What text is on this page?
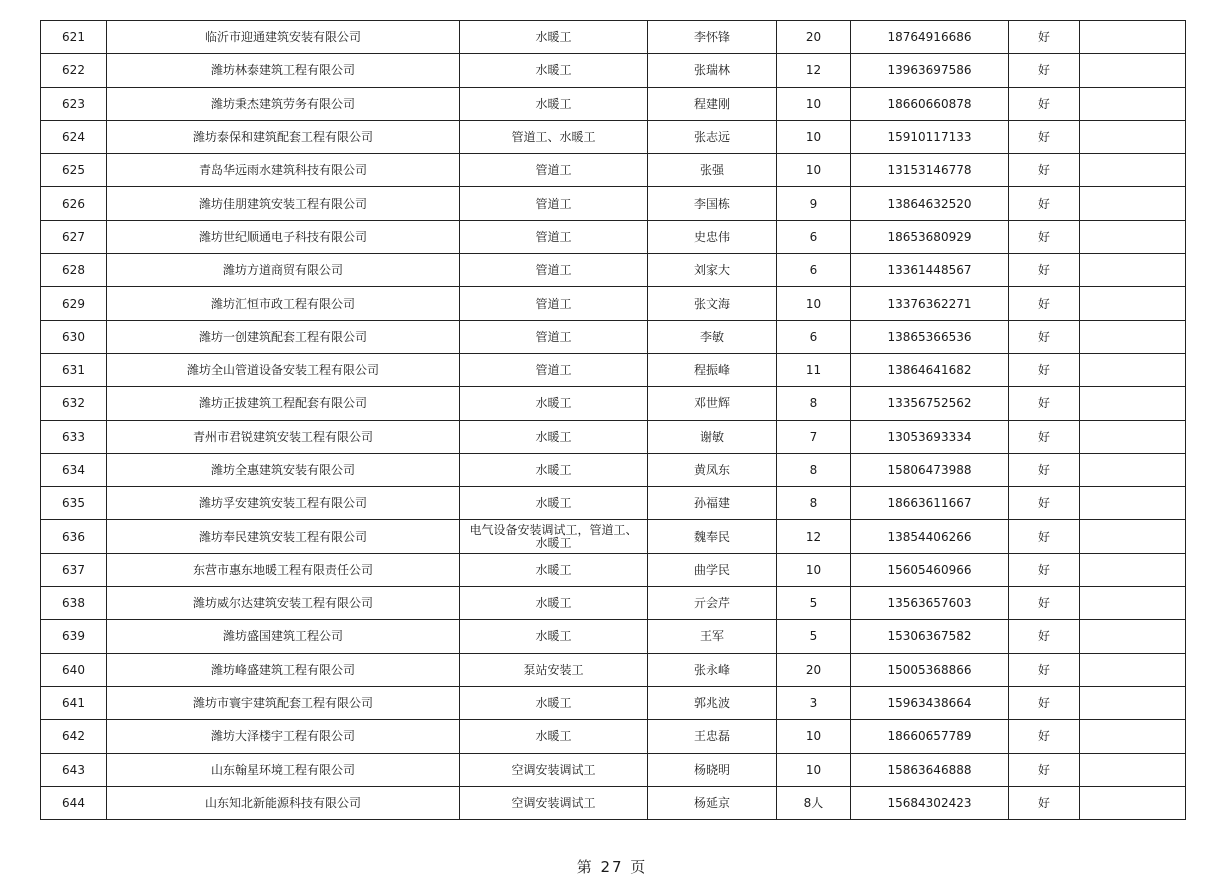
621	临沂市迎通建筑安装有限公司	水暖工	李怀锋	20	18764916686	好	
622	潍坊林泰建筑工程有限公司	水暖工	张瑞林	12	13963697586	好	
623	潍坊秉杰建筑劳务有限公司	水暖工	程建刚	10	18660660878	好	
624	潍坊泰保和建筑配套工程有限公司	管道工、水暖工	张志远	10	15910117133	好	
625	青岛华远雨水建筑科技有限公司	管道工	张强	10	13153146778	好	
626	潍坊佳朋建筑安装工程有限公司	管道工	李国栋	9	13864632520	好	
627	潍坊世纪顺通电子科技有限公司	管道工	史忠伟	6	18653680929	好	
628	潍坊方道商贸有限公司	管道工	刘家大	6	13361448567	好	
629	潍坊汇恒市政工程有限公司	管道工	张文海	10	13376362271	好	
630	潍坊一创建筑配套工程有限公司	管道工	李敏	6	13865366536	好	
631	潍坊全山管道设备安装工程有限公司	管道工	程振峰	11	13864641682	好	
632	潍坊正拔建筑工程配套有限公司	水暖工	邓世辉	8	13356752562	好	
633	青州市君锐建筑安装工程有限公司	水暖工	谢敏	7	13053693334	好	
634	潍坊全惠建筑安装有限公司	水暖工	黄凤东	8	15806473988	好	
635	潍坊孚安建筑安装工程有限公司	水暖工	孙福建	8	18663611667	好	
636	潍坊奉民建筑安装工程有限公司	电气设备安装调试工，管道工、水暖工	魏奉民	12	13854406266	好	
637	东营市惠东地暖工程有限责任公司	水暖工	曲学民	10	15605460966	好	
638	潍坊威尔达建筑安装工程有限公司	水暖工	亓会芹	5	13563657603	好	
639	潍坊盛国建筑工程公司	水暖工	王军	5	15306367582	好	
640	潍坊峰盛建筑工程有限公司	泵站安装工	张永峰	20	15005368866	好	
641	潍坊市寰宇建筑配套工程有限公司	水暖工	郭兆波	3	15963438664	好	
642	潍坊大泽楼宇工程有限公司	水暖工	王忠磊	10	18660657789	好	
643	山东翰星环境工程有限公司	空调安装调试工	杨晓明	10	15863646888	好	
644	山东知北新能源科技有限公司	空调安装调试工	杨延京	8人	15684302423	好	
第 27 页
